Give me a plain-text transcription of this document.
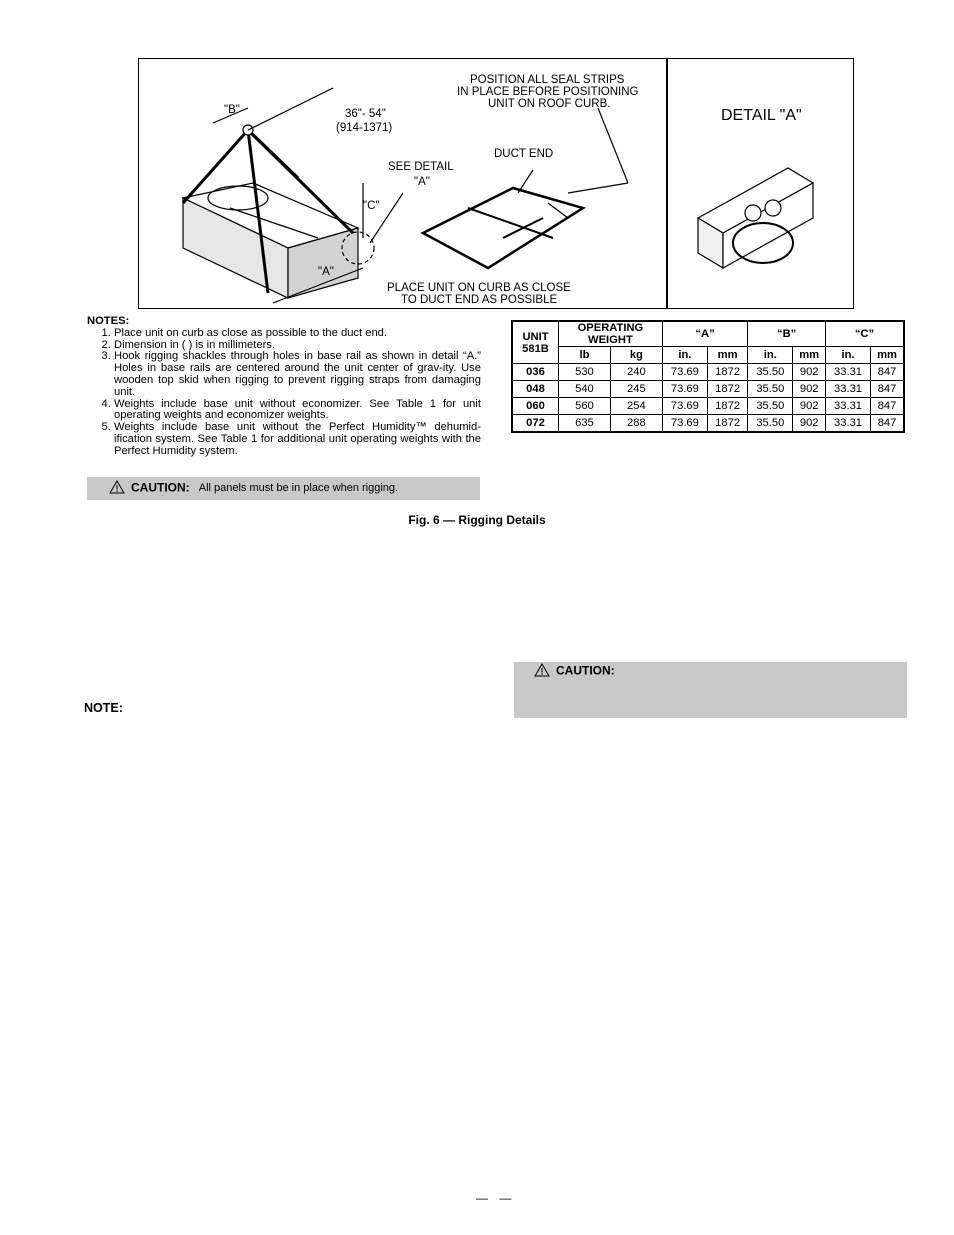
"B"	36"- 54"
(914-1371)
SEE DETAIL
"A"
"C"
"A"
POSITION ALL SEAL STRIPS
IN PLACE BEFORE POSITIONING
UNIT ON ROOF CURB.
DUCT END
PLACE UNIT ON CURB AS CLOSE
TO DUCT END AS POSSIBLE
DETAIL "A"
NOTES:
1. Place unit on curb as close as possible to the duct end.
2. Dimension in ( ) is in millimeters.
3. Hook rigging shackles through holes in base rail as shown in detail “A.” Holes in base rails are centered around the unit center of grav-ity. Use wooden top skid when rigging to prevent rigging straps from damaging unit.
4. Weights include base unit without economizer. See Table 1 for unit operating weights and economizer weights.
5. Weights include base unit without the Perfect Humidity™ dehumid-ification system. See Table 1 for additional unit operating weights with the Perfect Humidity system.
CAUTION: All panels must be in place when rigging.
UNIT
581B	OPERATING
WEIGHT		“A”		“B”		“C”	
	lb	kg	in.	mm	in.	mm	in.	mm
036	530	240	73.69	1872	35.50	902	33.31	847
048	540	245	73.69	1872	35.50	902	33.31	847
060	560	254	73.69	1872	35.50	902	33.31	847
072	635	288	73.69	1872	35.50	902	33.31	847
Fig. 6 — Rigging Details
CAUTION:
NOTE:
— —
